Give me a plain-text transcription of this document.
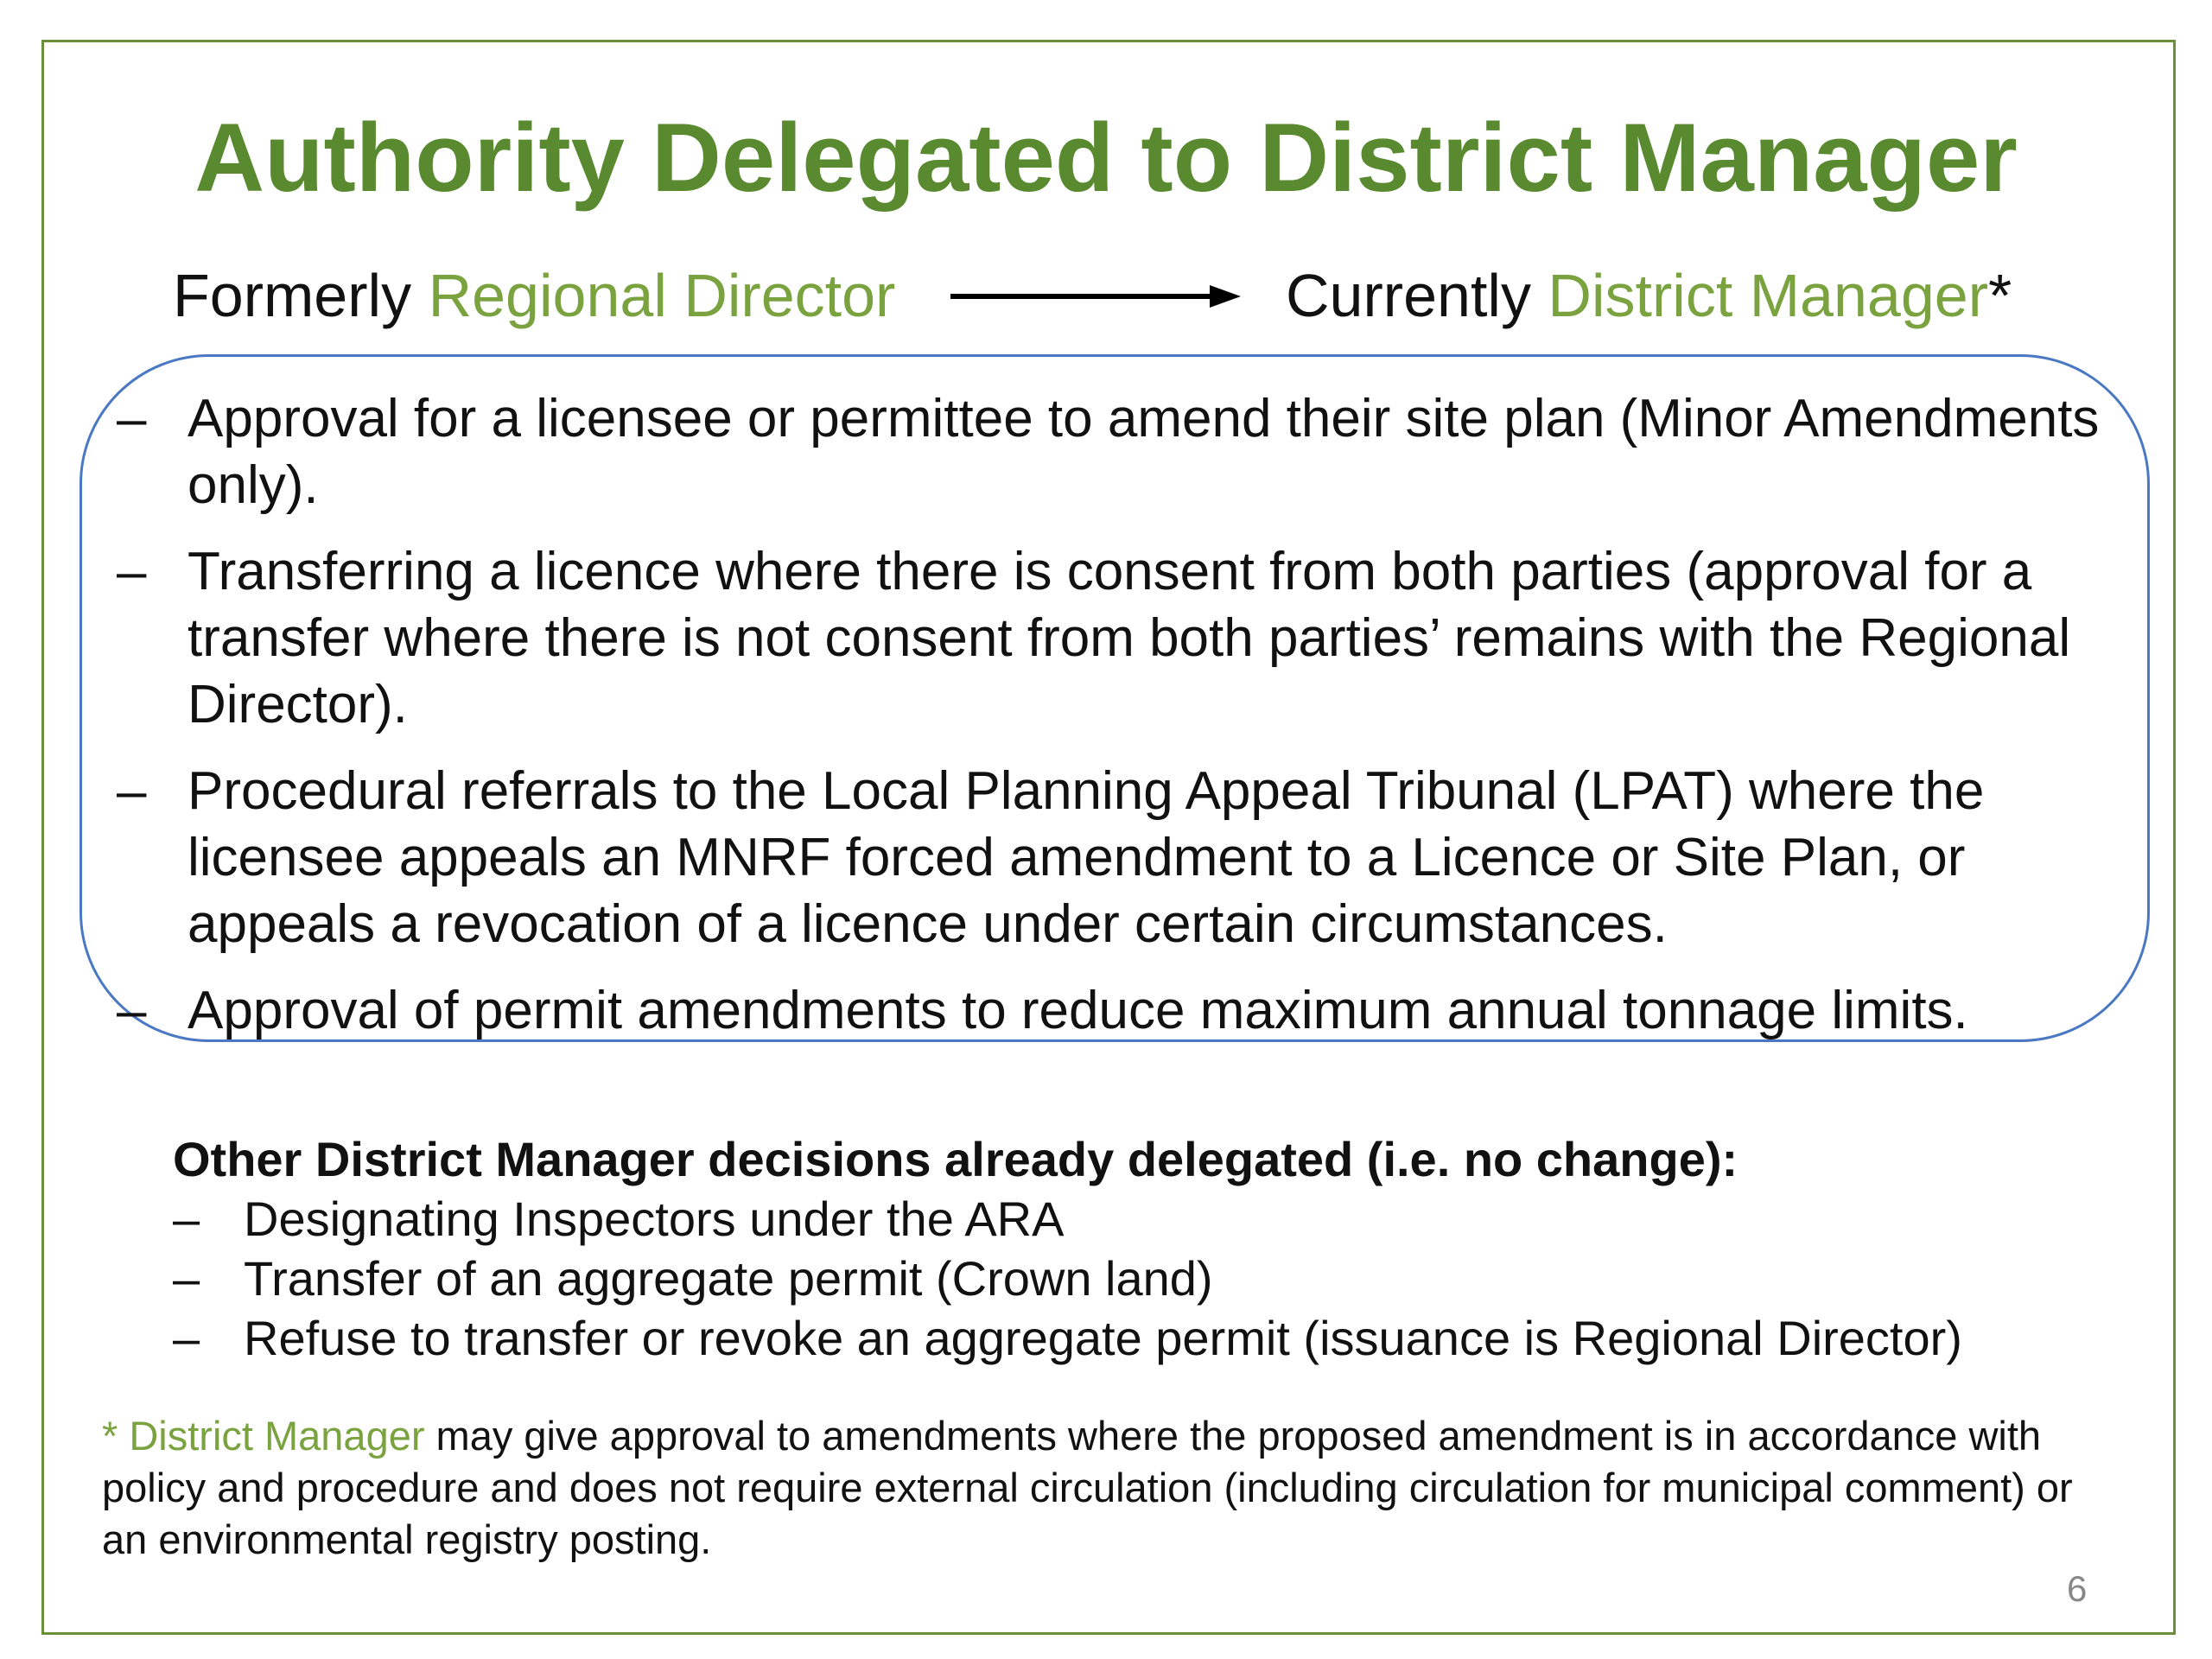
Authority Delegated to District Manager
Formerly Regional Director	Currently District Manager*
– Approval for a licensee or permittee to amend their site plan (Minor Amendments only).
– Transferring a licence where there is consent from both parties (approval for a transfer where there is not consent from both parties’ remains with the Regional Director).
– Procedural referrals to the Local Planning Appeal Tribunal (LPAT) where the licensee appeals an MNRF forced amendment to a Licence or Site Plan, or appeals a revocation of a licence under certain circumstances.
– Approval of permit amendments to reduce maximum annual tonnage limits.
Other District Manager decisions already delegated (i.e. no change):
– Designating Inspectors under the ARA
– Transfer of an aggregate permit (Crown land)
– Refuse to transfer or revoke an aggregate permit (issuance is Regional Director)
* District Manager may give approval to amendments where the proposed amendment is in accordance with policy and procedure and does not require external circulation (including circulation for municipal comment) or an environmental registry posting.
6
